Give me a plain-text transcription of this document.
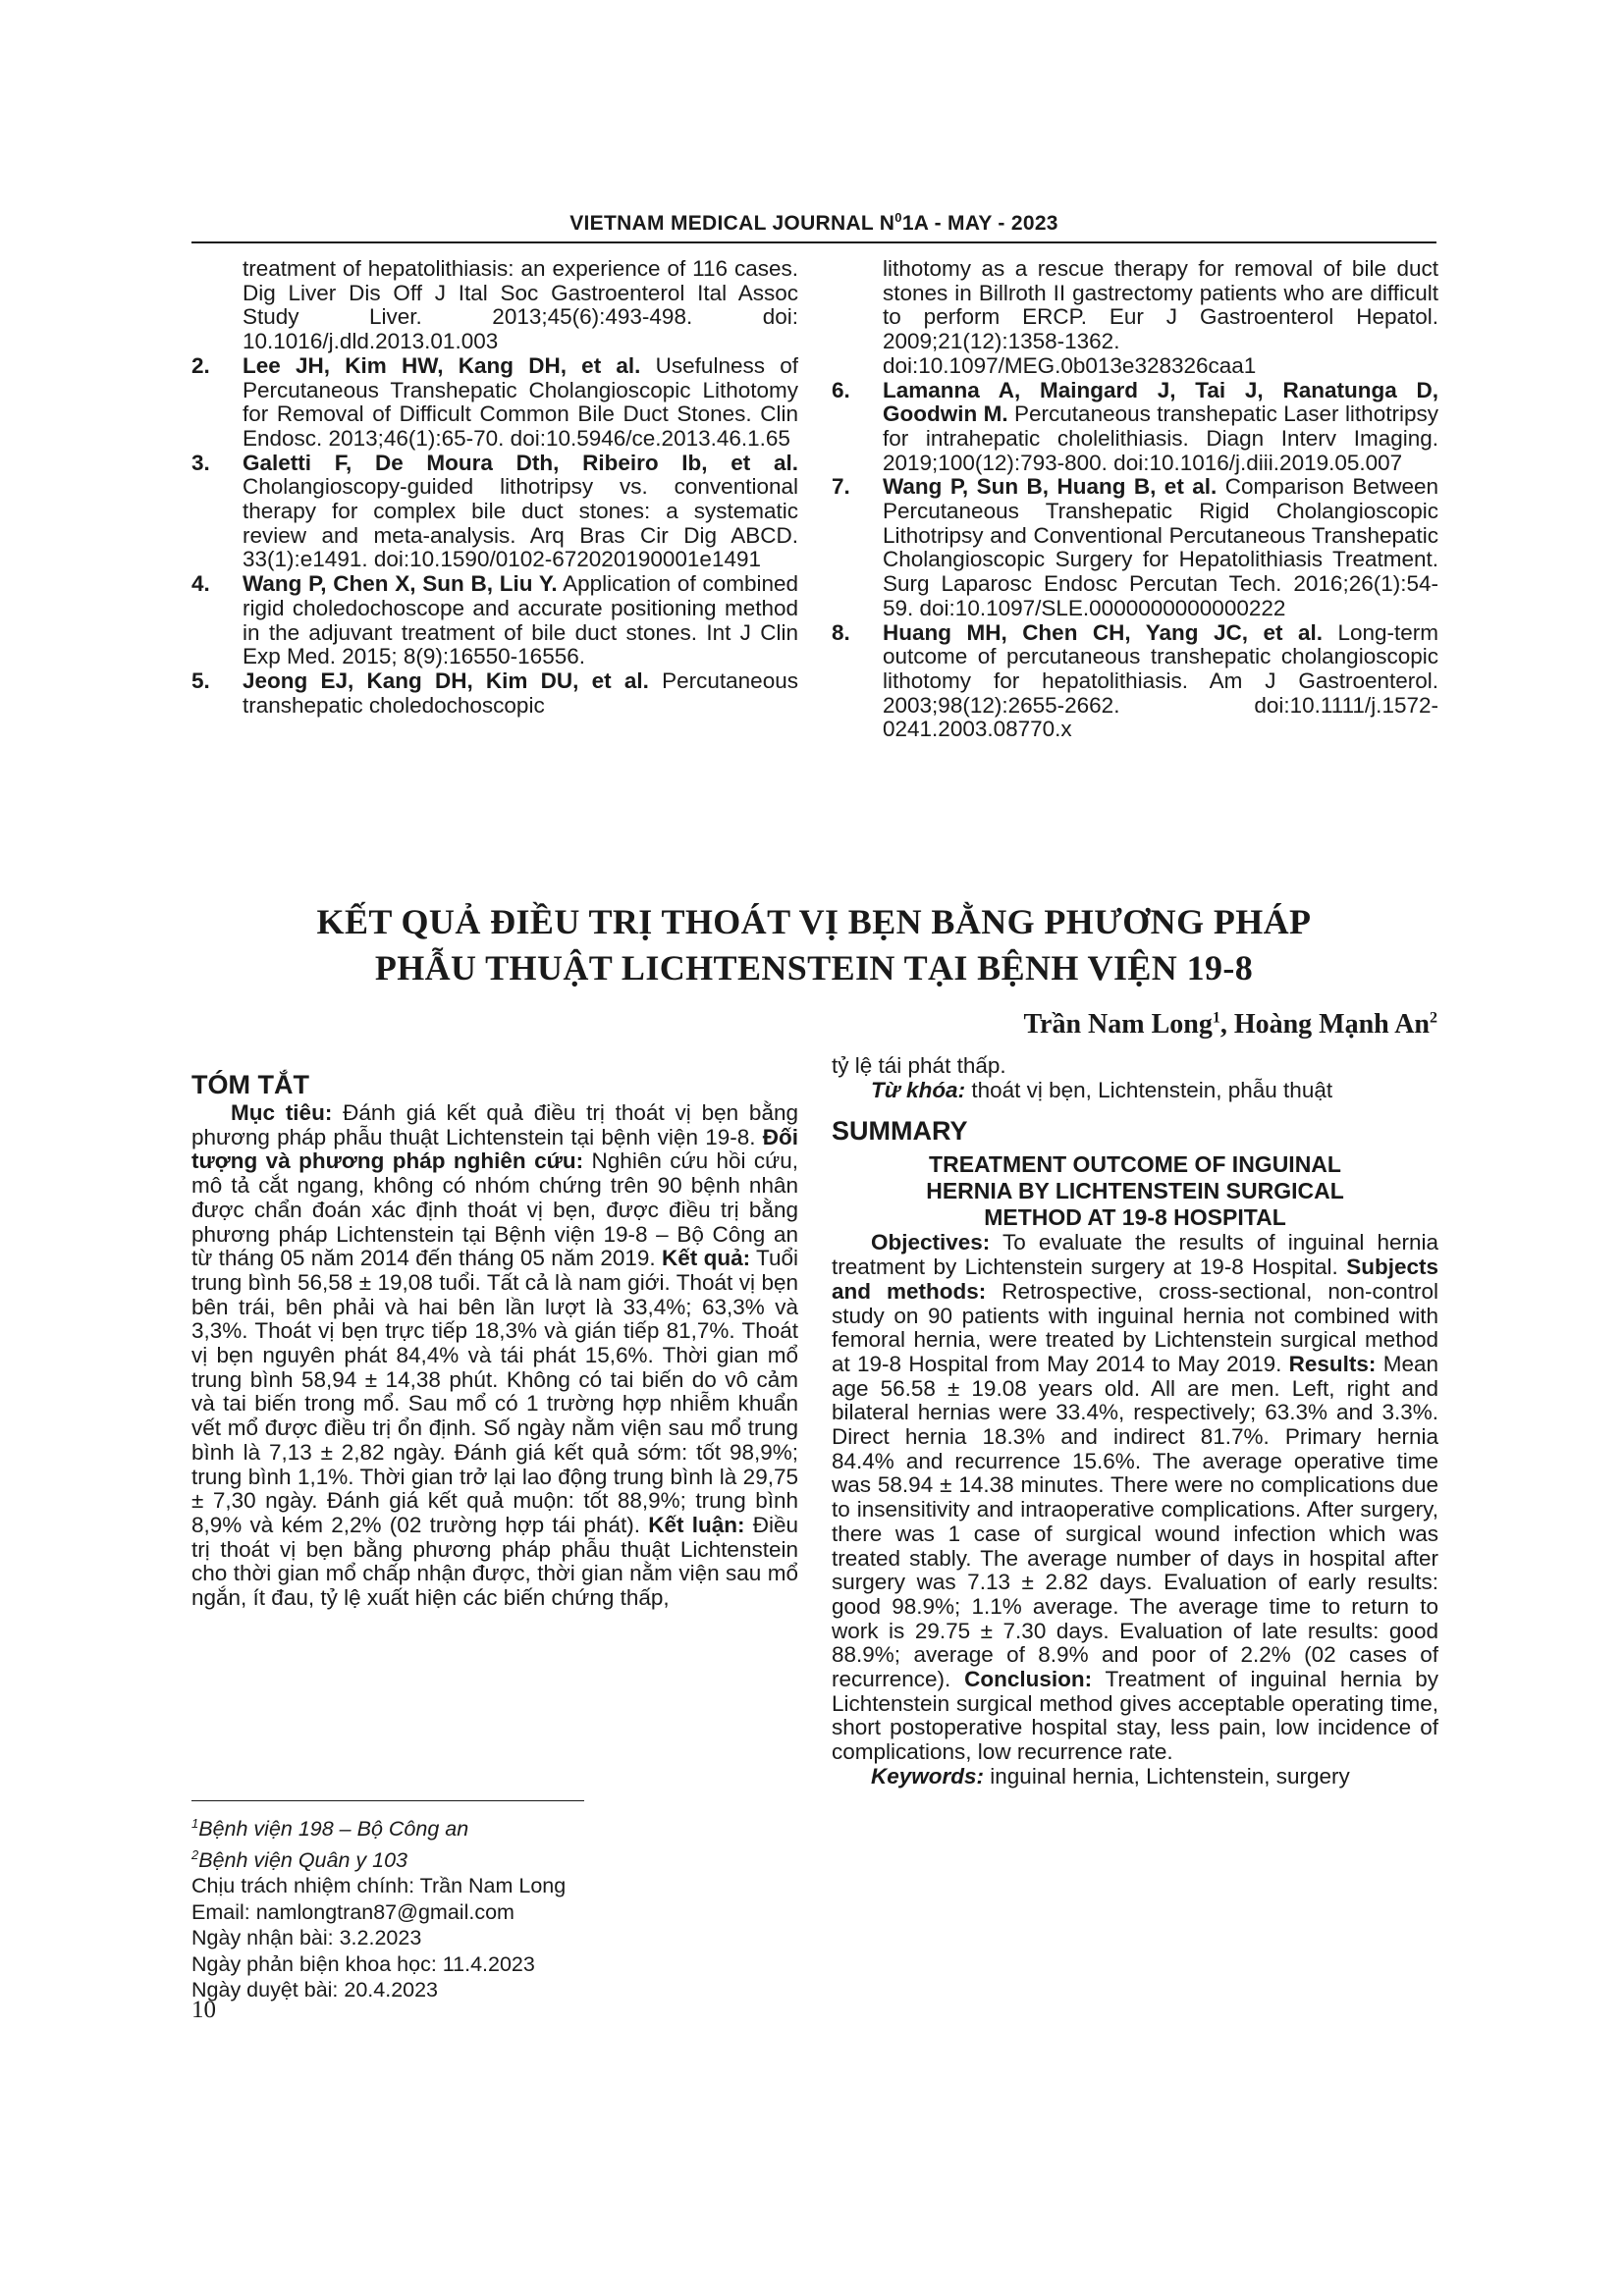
VIETNAM MEDICAL JOURNAL $N^01A$ - MAY - 2023
treatment of hepatolithiasis: an experience of 116 cases. Dig Liver Dis Off J Ital Soc Gastroenterol Ital Assoc Study Liver. 2013;45(6):493-498. doi: 10.1016/j.dld.2013.01.003
2. Lee JH, Kim HW, Kang DH, et al. Usefulness of Percutaneous Transhepatic Cholangioscopic Lithotomy for Removal of Difficult Common Bile Duct Stones. Clin Endosc. 2013;46(1):65-70. doi:10.5946/ce.2013.46.1.65
3. Galetti F, De Moura Dth, Ribeiro Ib, et al. Cholangioscopy-guided lithotripsy vs. conventional therapy for complex bile duct stones: a systematic review and meta-analysis. Arq Bras Cir Dig ABCD. 33(1):e1491. doi:10.1590/0102-672020190001e1491
4. Wang P, Chen X, Sun B, Liu Y. Application of combined rigid choledochoscope and accurate positioning method in the adjuvant treatment of bile duct stones. Int J Clin Exp Med. 2015; 8(9):16550-16556.
5. Jeong EJ, Kang DH, Kim DU, et al. Percutaneous transhepatic choledochoscopic
lithotomy as a rescue therapy for removal of bile duct stones in Billroth II gastrectomy patients who are difficult to perform ERCP. Eur J Gastroenterol Hepatol. 2009;21(12):1358-1362. doi:10.1097/MEG.0b013e328326caa1
6. Lamanna A, Maingard J, Tai J, Ranatunga D, Goodwin M. Percutaneous transhepatic Laser lithotripsy for intrahepatic cholelithiasis. Diagn Interv Imaging. 2019;100(12):793-800. doi:10.1016/j.diii.2019.05.007
7. Wang P, Sun B, Huang B, et al. Comparison Between Percutaneous Transhepatic Rigid Cholangioscopic Lithotripsy and Conventional Percutaneous Transhepatic Cholangioscopic Surgery for Hepatolithiasis Treatment. Surg Laparosc Endosc Percutan Tech. 2016;26(1):54-59. doi:10.1097/SLE.0000000000000222
8. Huang MH, Chen CH, Yang JC, et al. Long-term outcome of percutaneous transhepatic cholangioscopic lithotomy for hepatolithiasis. Am J Gastroenterol. 2003;98(12):2655-2662. doi:10.1111/j.1572-0241.2003.08770.x
KẾT QUẢ ĐIỀU TRỊ THOÁT VỊ BẸN BẰNG PHƯƠNG PHÁP
PHẪU THUẬT LICHTENSTEIN TẠI BỆNH VIỆN 19-8
Trần Nam Long$^1$, Hoàng Mạnh An$^2$
TÓM TẮT
Mục tiêu: Đánh giá kết quả điều trị thoát vị bẹn bằng phương pháp phẫu thuật Lichtenstein tại bệnh viện 19-8. Đối tượng và phương pháp nghiên cứu: Nghiên cứu hồi cứu, mô tả cắt ngang, không có nhóm chứng trên 90 bệnh nhân được chẩn đoán xác định thoát vị bẹn, được điều trị bằng phương pháp Lichtenstein tại Bệnh viện 19-8 – Bộ Công an từ tháng 05 năm 2014 đến tháng 05 năm 2019. Kết quả: Tuổi trung bình 56,58 ± 19,08 tuổi. Tất cả là nam giới. Thoát vị bẹn bên trái, bên phải và hai bên lần lượt là 33,4%; 63,3% và 3,3%. Thoát vị bẹn trực tiếp 18,3% và gián tiếp 81,7%. Thoát vị bẹn nguyên phát 84,4% và tái phát 15,6%. Thời gian mổ trung bình 58,94 ± 14,38 phút. Không có tai biến do vô cảm và tai biến trong mổ. Sau mổ có 1 trường hợp nhiễm khuẩn vết mổ được điều trị ổn định. Số ngày nằm viện sau mổ trung bình là 7,13 ± 2,82 ngày. Đánh giá kết quả sớm: tốt 98,9%; trung bình 1,1%. Thời gian trở lại lao động trung bình là 29,75 ± 7,30 ngày. Đánh giá kết quả muộn: tốt 88,9%; trung bình 8,9% và kém 2,2% (02 trường hợp tái phát). Kết luận: Điều trị thoát vị bẹn bằng phương pháp phẫu thuật Lichtenstein cho thời gian mổ chấp nhận được, thời gian nằm viện sau mổ ngắn, ít đau, tỷ lệ xuất hiện các biến chứng thấp,
tỷ lệ tái phát thấp.
Từ khóa: thoát vị bẹn, Lichtenstein, phẫu thuật
SUMMARY
TREATMENT OUTCOME OF INGUINAL
HERNIA BY LICHTENSTEIN SURGICAL
METHOD AT 19-8 HOSPITAL
Objectives: To evaluate the results of inguinal hernia treatment by Lichtenstein surgery at 19-8 Hospital. Subjects and methods: Retrospective, cross-sectional, non-control study on 90 patients with inguinal hernia not combined with femoral hernia, were treated by Lichtenstein surgical method at 19-8 Hospital from May 2014 to May 2019. Results: Mean age 56.58 ± 19.08 years old. All are men. Left, right and bilateral hernias were 33.4%, respectively; 63.3% and 3.3%. Direct hernia 18.3% and indirect 81.7%. Primary hernia 84.4% and recurrence 15.6%. The average operative time was 58.94 ± 14.38 minutes. There were no complications due to insensitivity and intraoperative complications. After surgery, there was 1 case of surgical wound infection which was treated stably. The average number of days in hospital after surgery was 7.13 ± 2.82 days. Evaluation of early results: good 98.9%; 1.1% average. The average time to return to work is 29.75 ± 7.30 days. Evaluation of late results: good 88.9%; average of 8.9% and poor of 2.2% (02 cases of recurrence). Conclusion: Treatment of inguinal hernia by Lichtenstein surgical method gives acceptable operating time, short postoperative hospital stay, less pain, low incidence of complications, low recurrence rate.
Keywords: inguinal hernia, Lichtenstein, surgery
$^1$Bệnh viện 198 – Bộ Công an
$^2$Bệnh viện Quân y 103
Chịu trách nhiệm chính: Trần Nam Long
Email: namlongtran87@gmail.com
Ngày nhận bài: 3.2.2023
Ngày phản biện khoa học: 11.4.2023
Ngày duyệt bài: 20.4.2023
10
